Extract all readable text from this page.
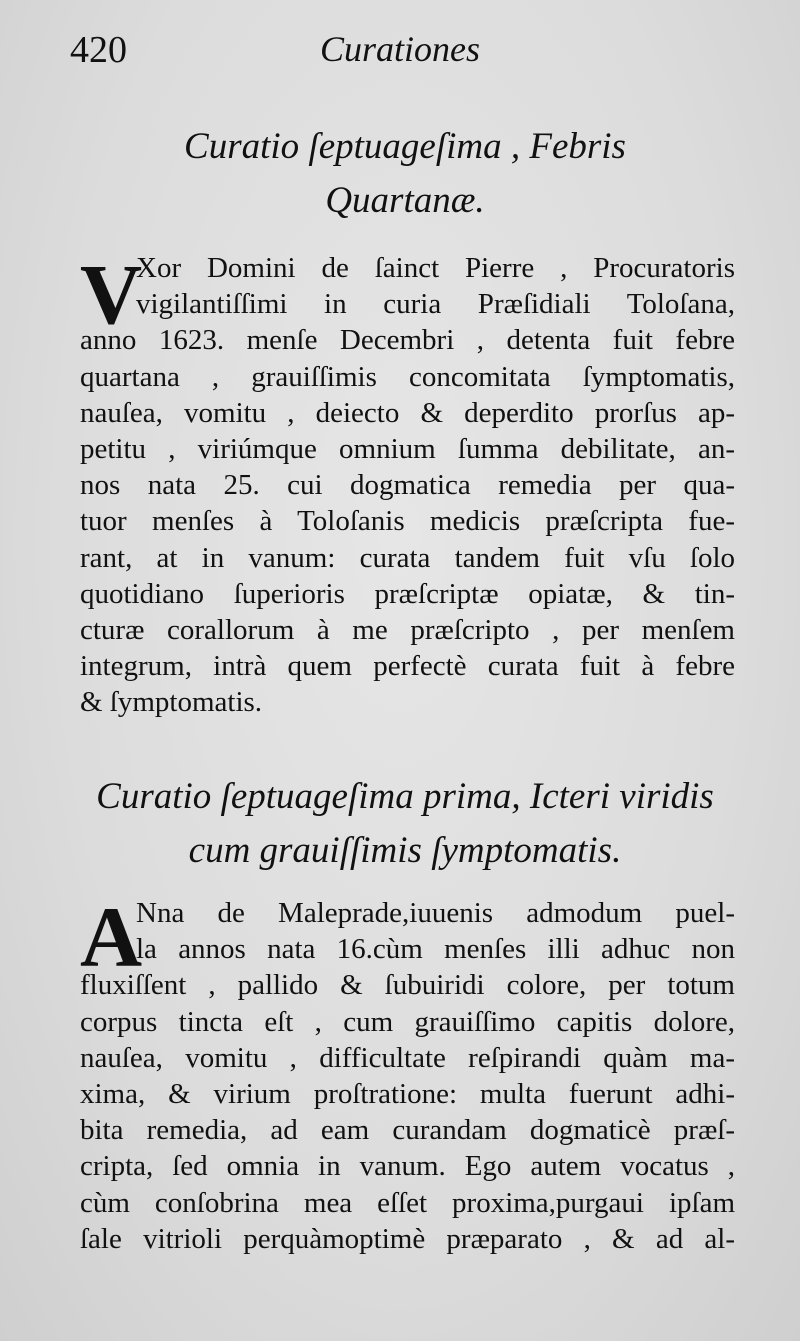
420	Curationes
Curatio ſeptuageſima , Febris
Quartanæ.
V
Xor Domini de ſainct Pierre , Procuratoris
vigilantiſſimi in curia Præſidiali Toloſana,
anno 1623. menſe Decembri , detenta fuit febre
quartana , grauiſſimis concomitata ſymptomatis,
nauſea, vomitu , deiecto & deperdito prorſus ap-
petitu , viriúmque omnium ſumma debilitate, an-
nos nata 25. cui dogmatica remedia per qua-
tuor menſes à Toloſanis medicis præſcripta fue-
rant, at in vanum: curata tandem fuit vſu ſolo
quotidiano ſuperioris præſcriptæ opiatæ, & tin-
cturæ corallorum à me præſcripto , per menſem
integrum, intrà quem perfectè curata fuit à febre
& ſymptomatis.
Curatio ſeptuageſima prima, Icteri viridis
cum grauiſſimis ſymptomatis.
A
Nna de Maleprade,iuuenis admodum puel-
la annos nata 16.cùm menſes illi adhuc non
fluxiſſent , pallido & ſubuiridi colore, per totum
corpus tincta eſt , cum grauiſſimo capitis dolore,
nauſea, vomitu , difficultate reſpirandi quàm ma-
xima, & virium proſtratione: multa fuerunt adhi-
bita remedia, ad eam curandam dogmaticè præſ-
cripta, ſed omnia in vanum. Ego autem vocatus ,
cùm conſobrina mea eſſet proxima,purgaui ipſam
ſale vitrioli perquàmoptimè præparato , & ad al-
